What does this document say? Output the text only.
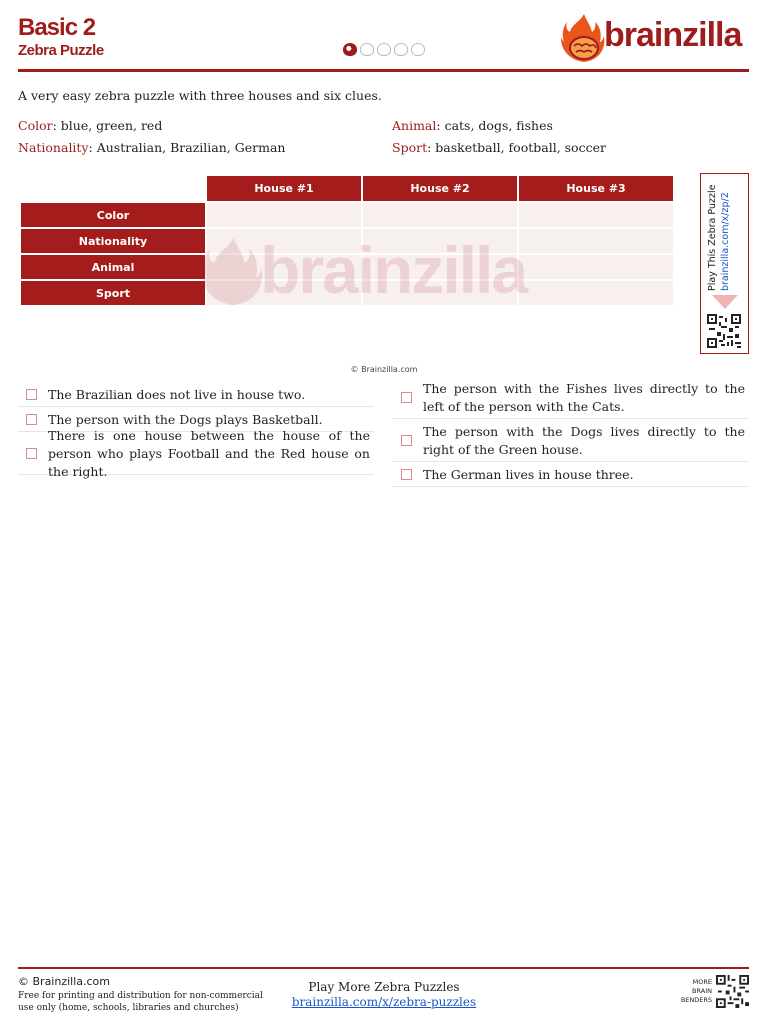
Basic 2
Zebra Puzzle	brainzilla
A very easy zebra puzzle with three houses and six clues.
Color: blue, green, red	Animal: cats, dogs, fishes
Nationality: Australian, Brazilian, German	Sport: basketball, football, soccer
	House #1	House #2	House #3
Color			
Nationality			
Animal			
Sport			brainzilla	Play This Zebra Puzzle brainzilla.com/x/zp/2
© Brainzilla.com
The Brazilian does not live in house two.
The person with the Dogs plays Basketball.
There is one house between the house of the person who plays Football and the Red house on the right.
The person with the Fishes lives directly to the left of the person with the Cats.
The person with the Dogs lives directly to the right of the Green house.
The German lives in house three.
© Brainzilla.com
Free for printing and distribution for non-commercial use only (home, schools, libraries and churches)
Play More Zebra Puzzles
brainzilla.com/x/zebra-puzzles
MORE
BRAIN
BENDERS
